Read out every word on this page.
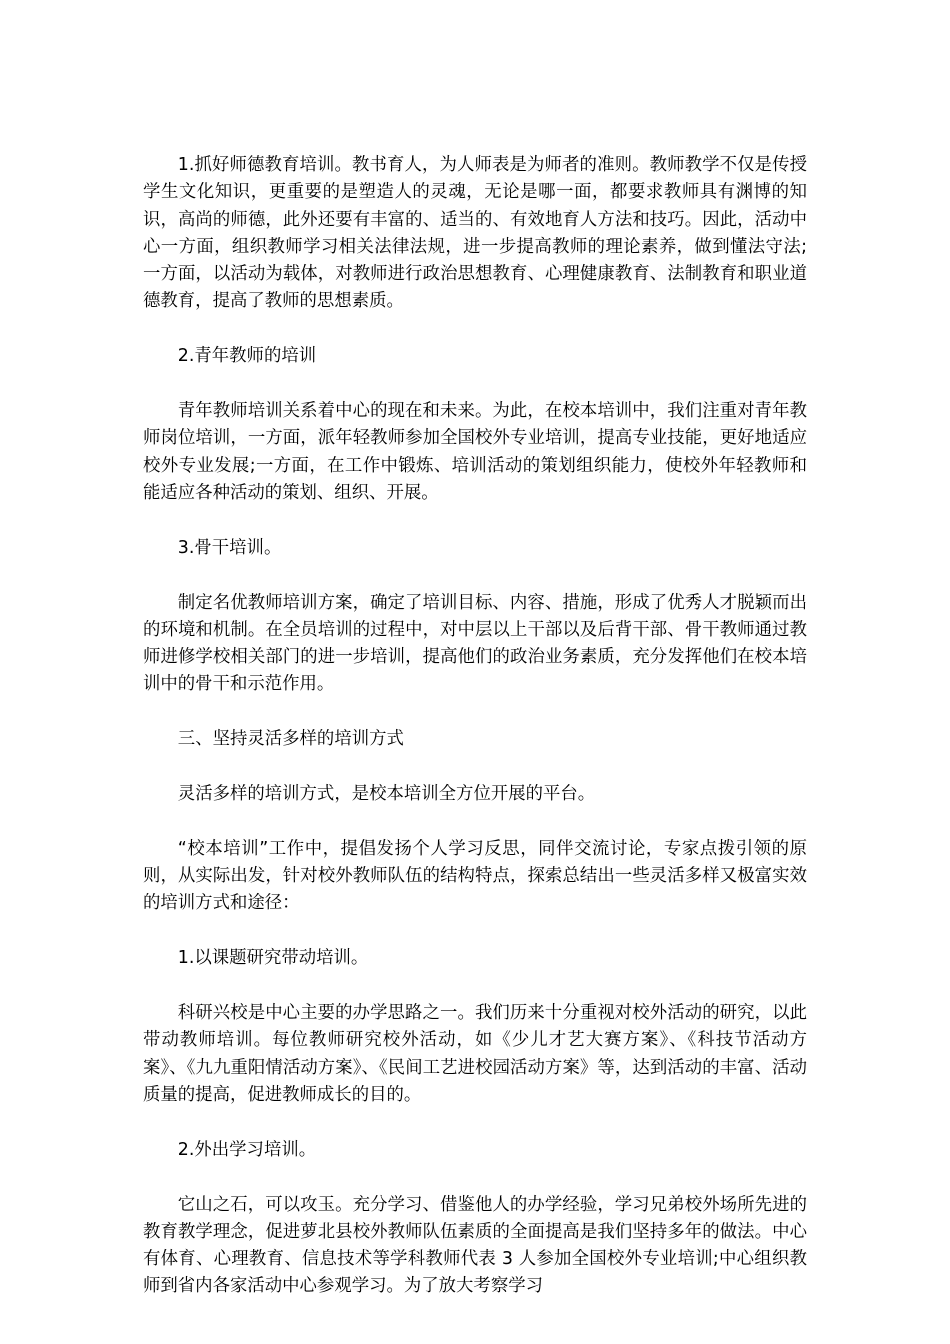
1.抓好师德教育培训。教书育人，为人师表是为师者的准则。教师教学不仅是传授学生文化知识，更重要的是塑造人的灵魂，无论是哪一面，都要求教师具有渊博的知识，高尚的师德，此外还要有丰富的、适当的、有效地育人方法和技巧。因此，活动中心一方面，组织教师学习相关法律法规，进一步提高教师的理论素养，做到懂法守法;一方面，以活动为载体，对教师进行政治思想教育、心理健康教育、法制教育和职业道德教育，提高了教师的思想素质。

2.青年教师的培训

青年教师培训关系着中心的现在和未来。为此，在校本培训中，我们注重对青年教师岗位培训，一方面，派年轻教师参加全国校外专业培训，提高专业技能，更好地适应校外专业发展;一方面，在工作中锻炼、培训活动的策划组织能力，使校外年轻教师和能适应各种活动的策划、组织、开展。

3.骨干培训。

制定名优教师培训方案，确定了培训目标、内容、措施，形成了优秀人才脱颖而出的环境和机制。在全员培训的过程中，对中层以上干部以及后背干部、骨干教师通过教师进修学校相关部门的进一步培训，提高他们的政治业务素质，充分发挥他们在校本培训中的骨干和示范作用。

三、坚持灵活多样的培训方式

灵活多样的培训方式，是校本培训全方位开展的平台。

“校本培训”工作中，提倡发扬个人学习反思，同伴交流讨论，专家点拨引领的原则，从实际出发，针对校外教师队伍的结构特点，探索总结出一些灵活多样又极富实效的培训方式和途径：

1.以课题研究带动培训。

科研兴校是中心主要的办学思路之一。我们历来十分重视对校外活动的研究，以此带动教师培训。每位教师研究校外活动，如《少儿才艺大赛方案》、《科技节活动方案》、《九九重阳情活动方案》、《民间工艺进校园活动方案》等，达到活动的丰富、活动质量的提高，促进教师成长的目的。

2.外出学习培训。

它山之石，可以攻玉。充分学习、借鉴他人的办学经验，学习兄弟校外场所先进的教育教学理念，促进萝北县校外教师队伍素质的全面提高是我们坚持多年的做法。中心有体育、心理教育、信息技术等学科教师代表 3 人参加全国校外专业培训;中心组织教师到省内各家活动中心参观学习。为了放大考察学习
